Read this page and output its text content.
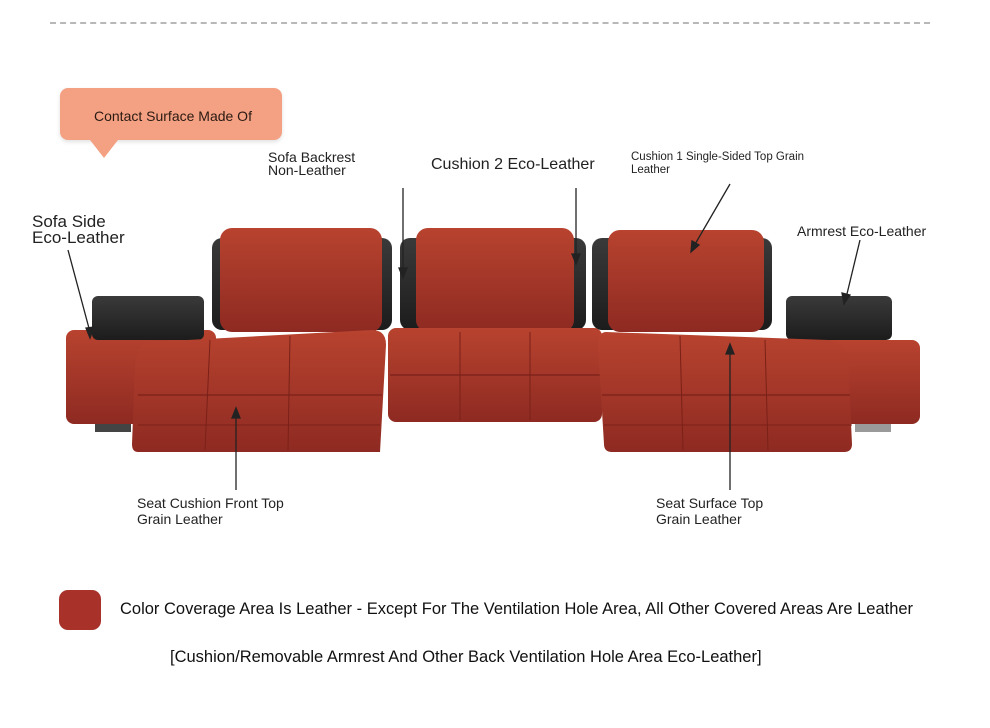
Contact Surface Made Of
Sofa Side
Eco-Leather
Sofa Backrest
Non-Leather	Cushion 2 Eco-Leather	Cushion 1 Single-Sided Top Grain
Leather
Armrest Eco-Leather
Seat Cushion Front Top
Grain Leather
Seat Surface Top
Grain Leather
Color Coverage Area Is Leather - Except For The Ventilation Hole Area, All Other Covered Areas Are Leather
[Cushion/Removable Armrest And Other Back Ventilation Hole Area Eco-Leather]
